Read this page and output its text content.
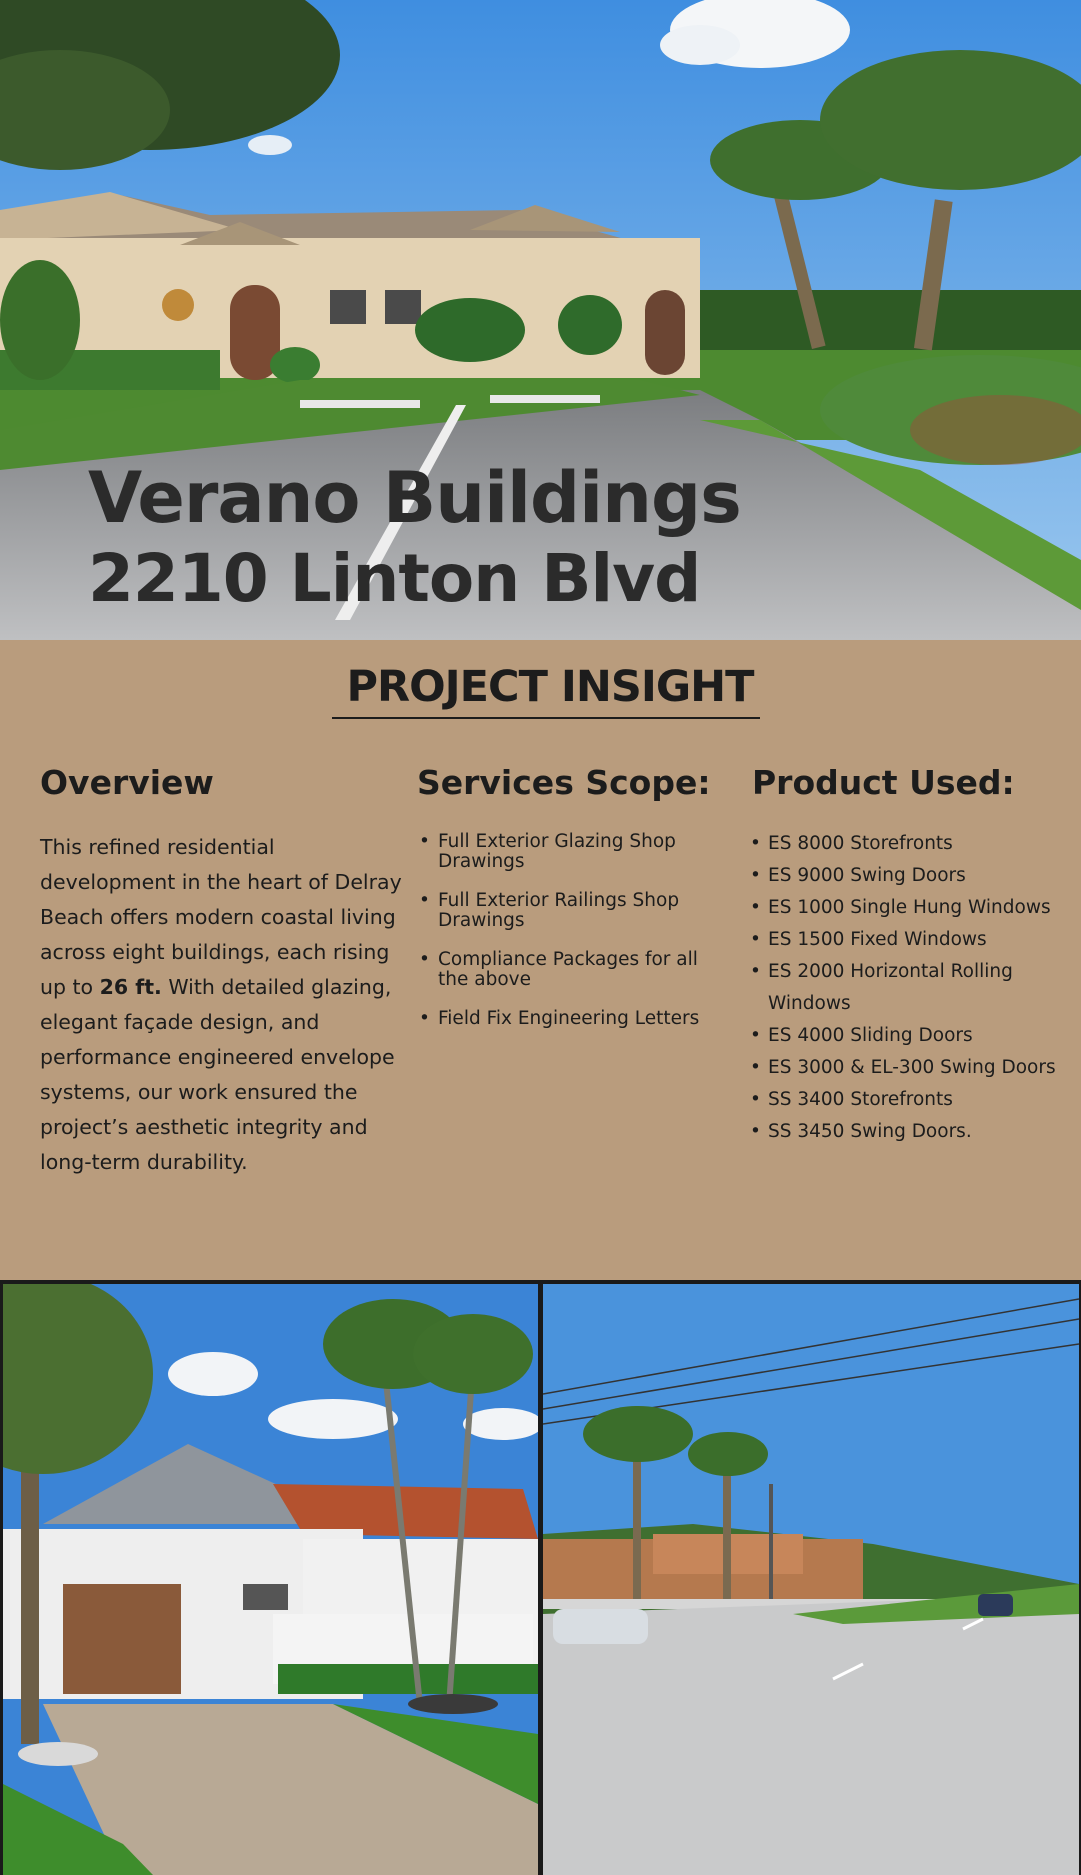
Verano Buildings
2210 Linton Blvd
PROJECT INSIGHT
Overview	Services Scope: Product Used:
This refined residential development in the heart of Delray Beach offers modern coastal living across eight buildings, each rising up to 26 ft. With detailed glazing, elegant façade design, and performance engineered envelope systems, our work ensured the project’s aesthetic integrity and long-term durability.
• Full Exterior Glazing Shop Drawings
• Full Exterior Railings Shop Drawings
• Compliance Packages for all the above
• Field Fix Engineering Letters
• ES 8000 Storefronts
• ES 9000 Swing Doors
• ES 1000 Single Hung Windows
• ES 1500 Fixed Windows
• ES 2000 Horizontal Rolling Windows
• ES 4000 Sliding Doors
• ES 3000 & EL-300 Swing Doors
• SS 3400 Storefronts
• SS 3450 Swing Doors.
